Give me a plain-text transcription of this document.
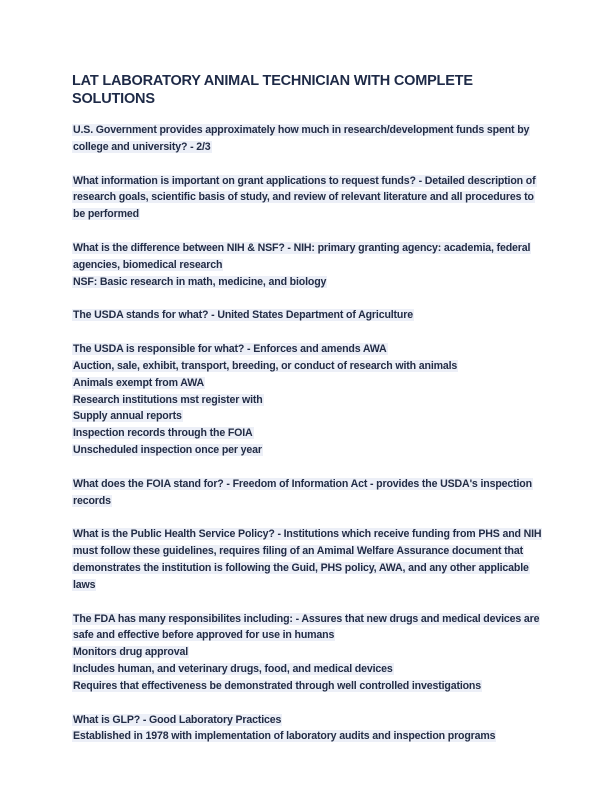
LAT LABORATORY ANIMAL TECHNICIAN WITH COMPLETE SOLUTIONS
U.S. Government provides approximately how much in research/development funds spent by college and university? - 2/3
What information is important on grant applications to request funds? - Detailed description of research goals, scientific basis of study, and review of relevant literature and all procedures to be performed
What is the difference between NIH & NSF? - NIH: primary granting agency: academia, federal agencies, biomedical research
NSF: Basic research in math, medicine, and biology
The USDA stands for what? - United States Department of Agriculture
The USDA is responsible for what? - Enforces and amends AWA
Auction, sale, exhibit, transport, breeding, or conduct of research with animals
Animals exempt from AWA
Research institutions mst register with
Supply annual reports
Inspection records through the FOIA
Unscheduled inspection once per year
What does the FOIA stand for? - Freedom of Information Act - provides the USDA's inspection records
What is the Public Health Service Policy? - Institutions which receive funding from PHS and NIH must follow these guidelines, requires filing of an Amimal Welfare Assurance document that demonstrates the institution is following the Guid, PHS policy, AWA, and any other applicable laws
The FDA has many responsibilites including: - Assures that new drugs and medical devices are safe and effective before approved for use in humans
Monitors drug approval
Includes human, and veterinary drugs, food, and medical devices
Requires that effectiveness be demonstrated through well controlled investigations
What is GLP? - Good Laboratory Practices
Established in 1978 with implementation of laboratory audits and inspection programs
